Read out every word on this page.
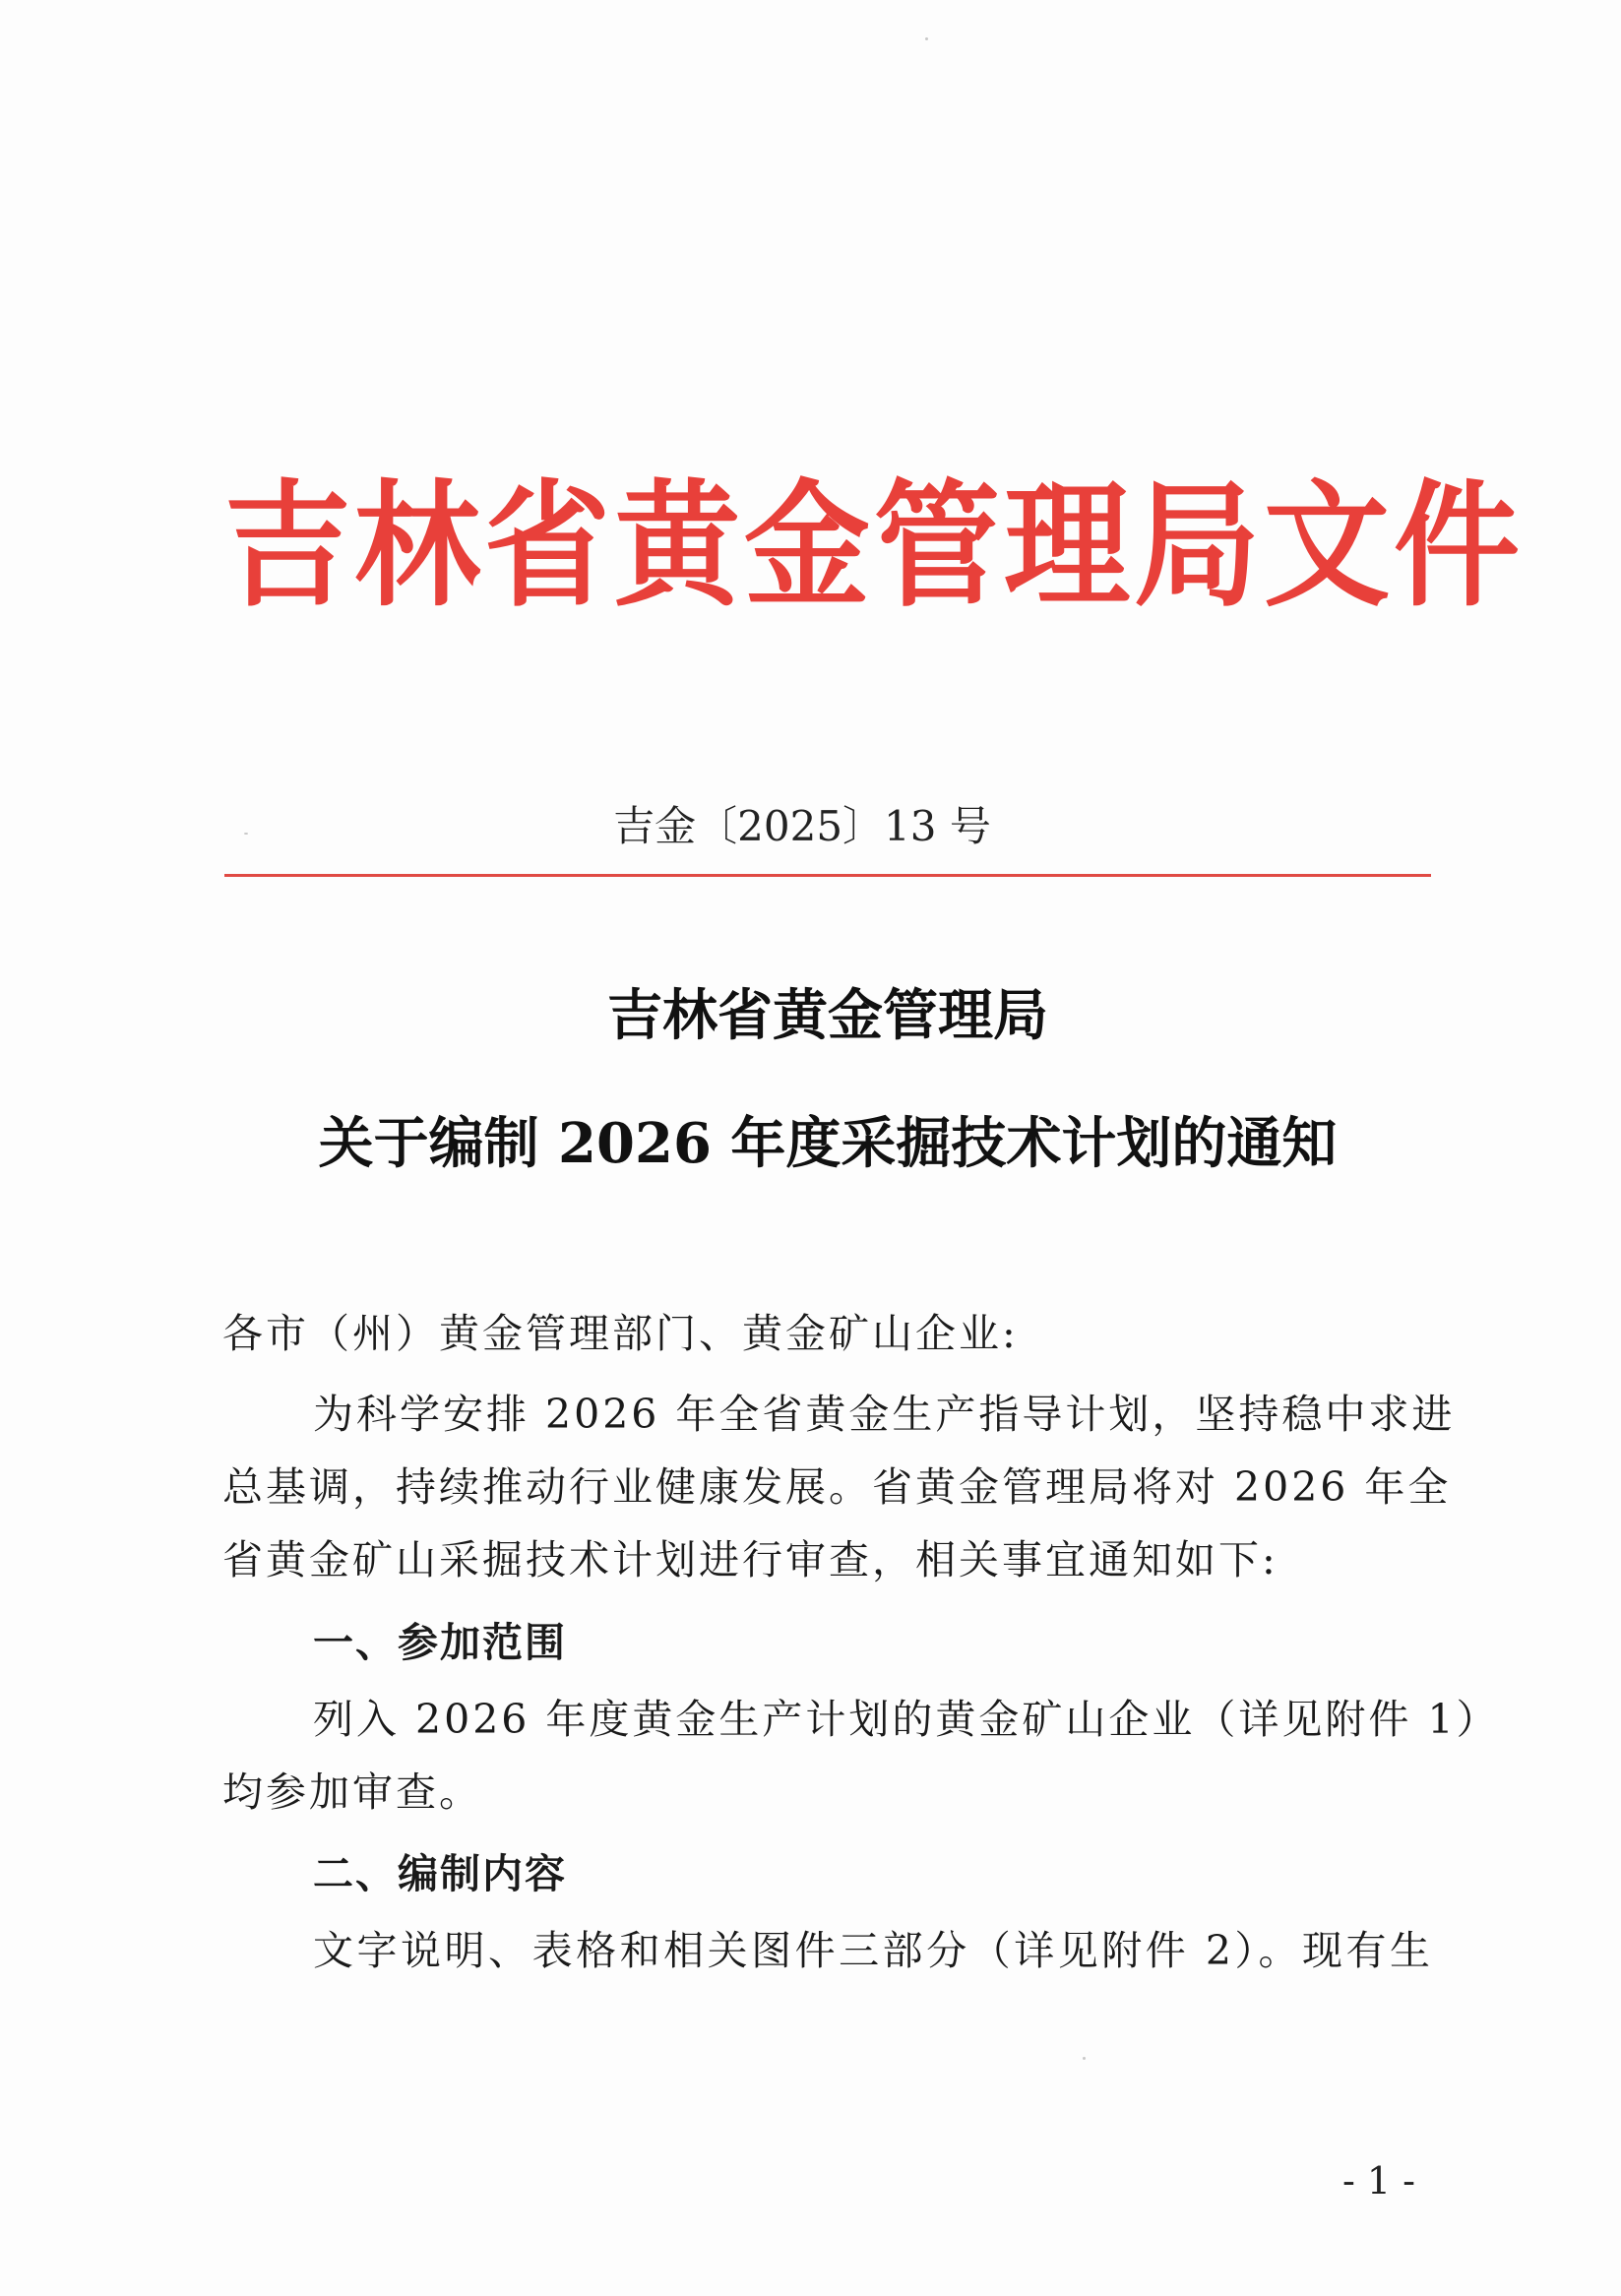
吉林省黄金管理局文件
吉金〔2025〕13 号
吉林省黄金管理局
关于编制 2026 年度采掘技术计划的通知

各市（州）黄金管理部门、黄金矿山企业:

为科学安排 2026 年全省黄金生产指导计划，坚持稳中求进

总基调，持续推动行业健康发展。省黄金管理局将对 2026 年全

省黄金矿山采掘技术计划进行审查，相关事宜通知如下:

一、参加范围

列入 2026 年度黄金生产计划的黄金矿山企业（详见附件 1）

均参加审查。

二、编制内容

文字说明、表格和相关图件三部分（详见附件 2）。现有生

- 1 -
